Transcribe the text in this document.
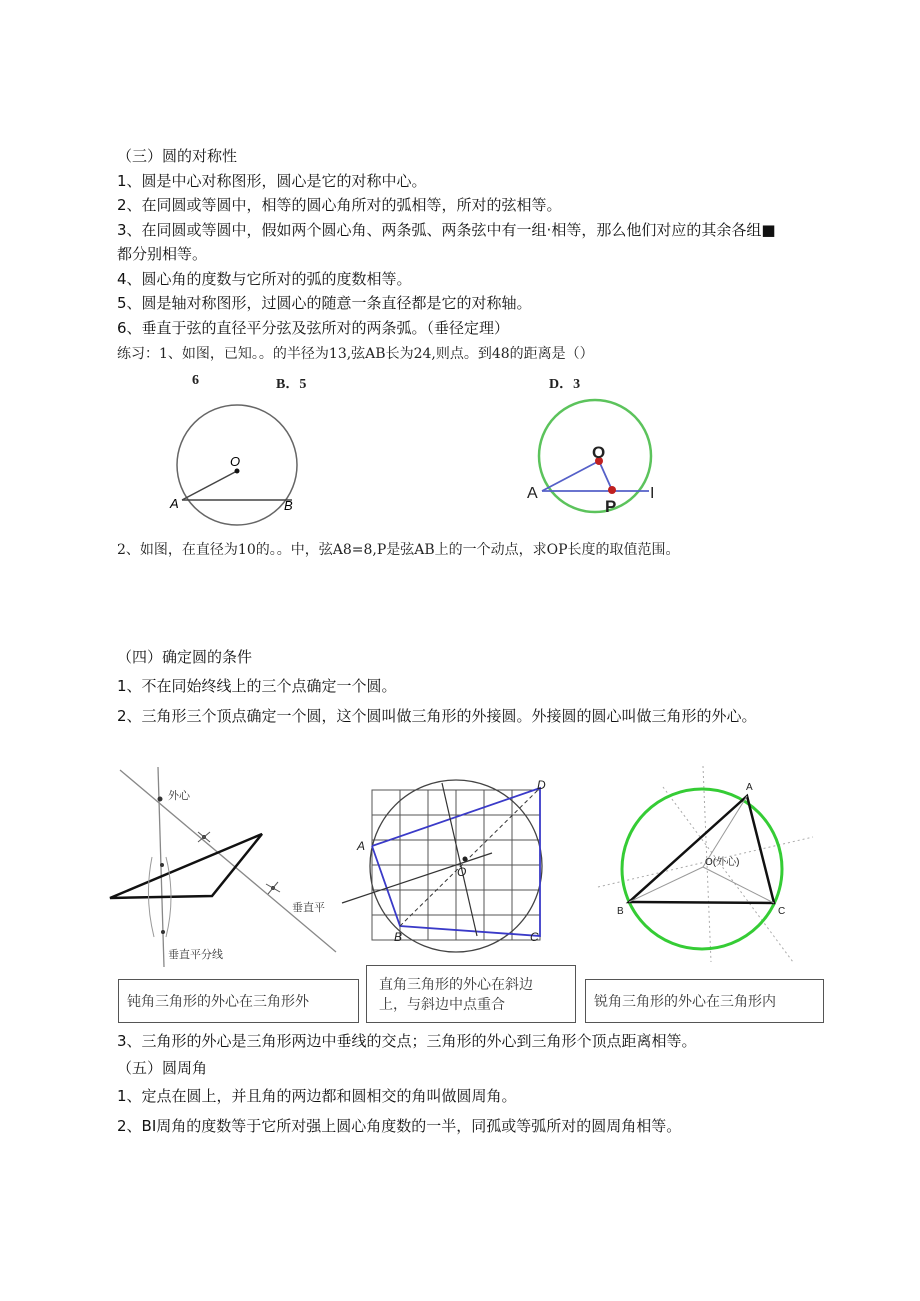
（三）圆的对称性
1、圆是中心对称图形，圆心是它的对称中心。
2、在同圆或等圆中，相等的圆心角所对的弧相等，所对的弦相等。
3、在同圆或等圆中，假如两个圆心角、两条弧、两条弦中有一组·相等，那么他们对应的其余各组■
都分别相等。
4、圆心角的度数与它所对的弧的度数相等。
5、圆是轴对称图形，过圆心的随意一条直径都是它的对称轴。
6、垂直于弦的直径平分弦及弦所对的两条弧。（垂径定理）
练习：1、如图，已知。。的半径为13,弦AB长为24,则点。到48的距离是（）
6	B．5	D．3
O
A	B
O
A
P
I
2、如图，在直径为10的。。中，弦A8=8,P是弦AB上的一个动点，求OP长度的取值范围。
（四）确定圆的条件
1、不在同始终线上的三个点确定一个圆。
2、三角形三个顶点确定一个圆，这个圆叫做三角形的外接圆。外接圆的圆心叫做三角形的外心。
外心
垂直平分线
A
B	C
D
O
垂直平
A
B	C
O(外心)
钝角三角形的外心在三角形外
直角三角形的外心在斜边
上，与斜边中点重合	锐角三角形的外心在三角形内
3、三角形的外心是三角形两边中垂线的交点；三角形的外心到三角形个顶点距离相等。
（五）圆周角
1、定点在圆上，并且角的两边都和圆相交的角叫做圆周角。
2、BI周角的度数等于它所对强上圆心角度数的一半，同孤或等弧所对的圆周角相等。
